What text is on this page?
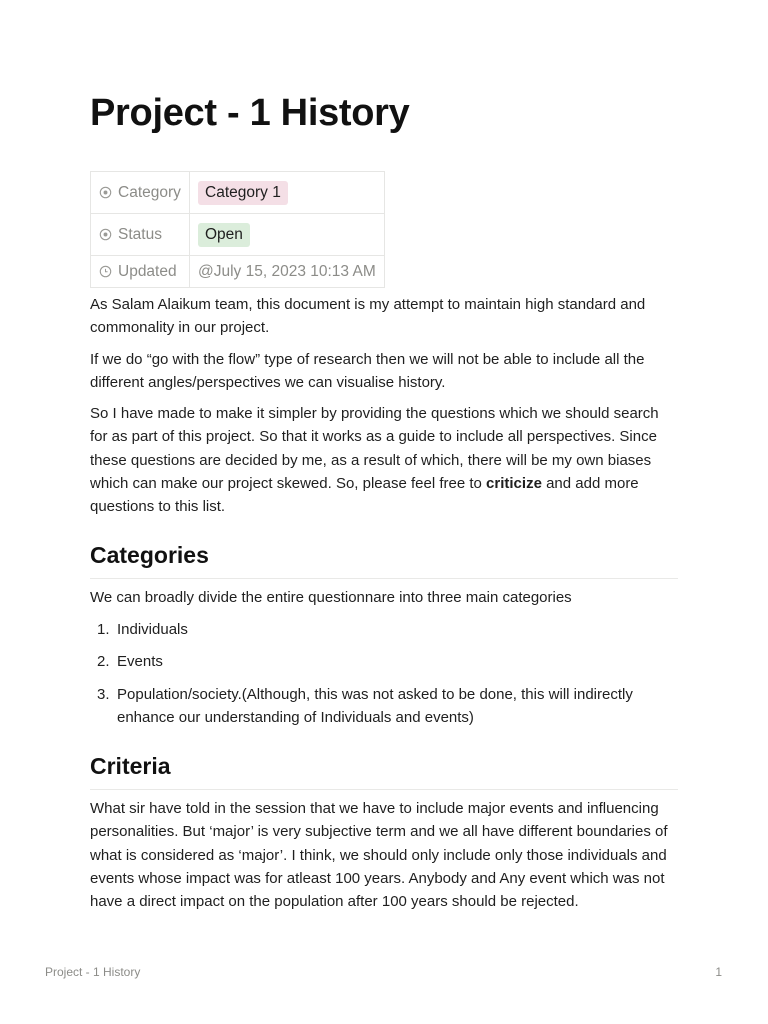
Project - 1 History
Category	Category 1

Status	Open

Updated	@July 15, 2023 10:13 AM

As Salam Alaikum team, this document is my attempt to maintain high standard and commonality in our project.

If we do “go with the flow” type of research then we will not be able to include all the different angles/perspectives we can visualise history.

So I have made to make it simpler by providing the questions which we should search for as part of this project. So that it works as a guide to include all perspectives. Since these questions are decided by me, as a result of which, there will be my own biases which can make our project skewed. So, please feel free to criticize and add more questions to this list.

Categories

We can broadly divide the entire questionnare into three main categories

1. Individuals
2. Events
3. Population/society.(Although, this was not asked to be done, this will indirectly enhance our understanding of Individuals and events)
Criteria

What sir have told in the session that we have to include major events and influencing personalities. But ‘major’ is very subjective term and we all have different boundaries of what is considered as ‘major’. I think, we should only include only those individuals and events whose impact was for atleast 100 years. Anybody and Any event which was not have a direct impact on the population after 100 years should be rejected.

Project - 1 History	1
